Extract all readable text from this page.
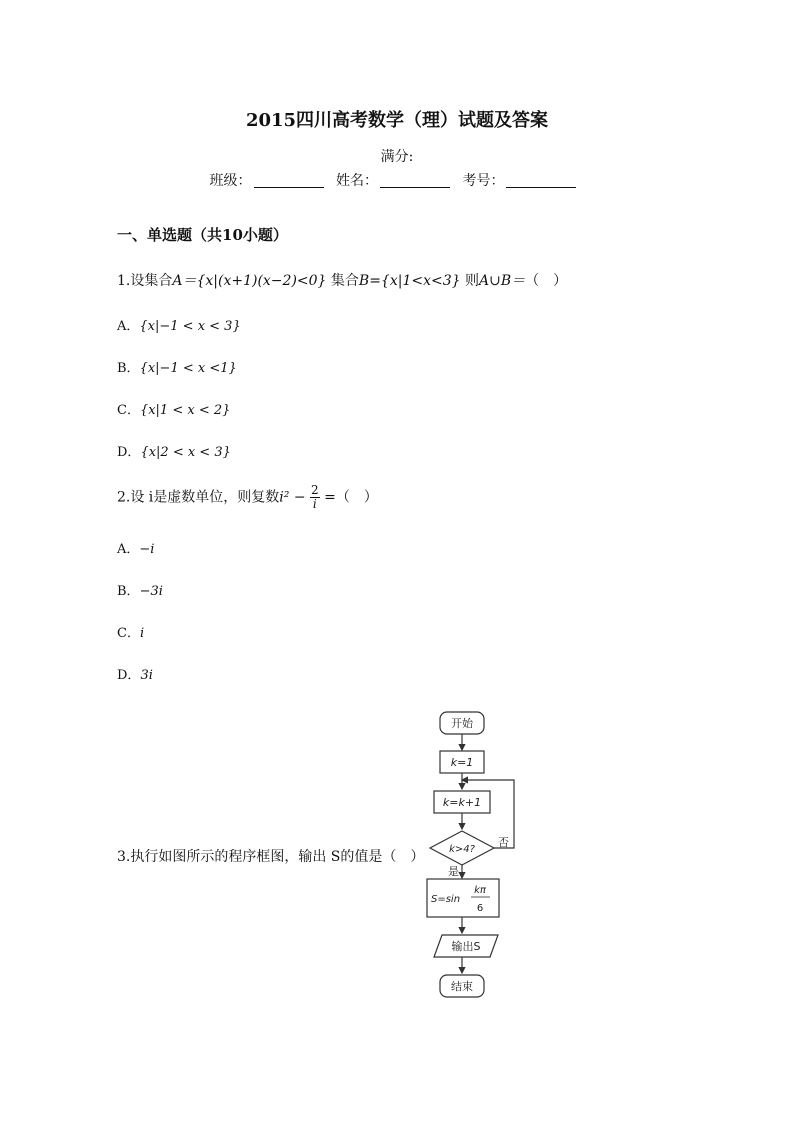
2015四川高考数学（理）试题及答案
满分:
班级：	姓名：	考号：
一、单选题（共10小题）
1.设集合A＝{x|(x+1)(x−2)<0} 集合B={x|1<x<3} 则A∪B＝（　）
A．{x|−1 < x < 3}
B．{x|−1 < x <1}
C．{x|1 < x < 2}
D．{x|2 < x < 3}
2.设 i是虚数单位，则复数$i^2 - \frac{2}{i}$ =（　）
A．−i
B．−3i
C．i
D．3i
3.执行如图所示的程序框图，输出 S的值是（　）
开始
k=1
k=k+1
k>4?
否
是
S=sin
kπ
6
输出S
结束
